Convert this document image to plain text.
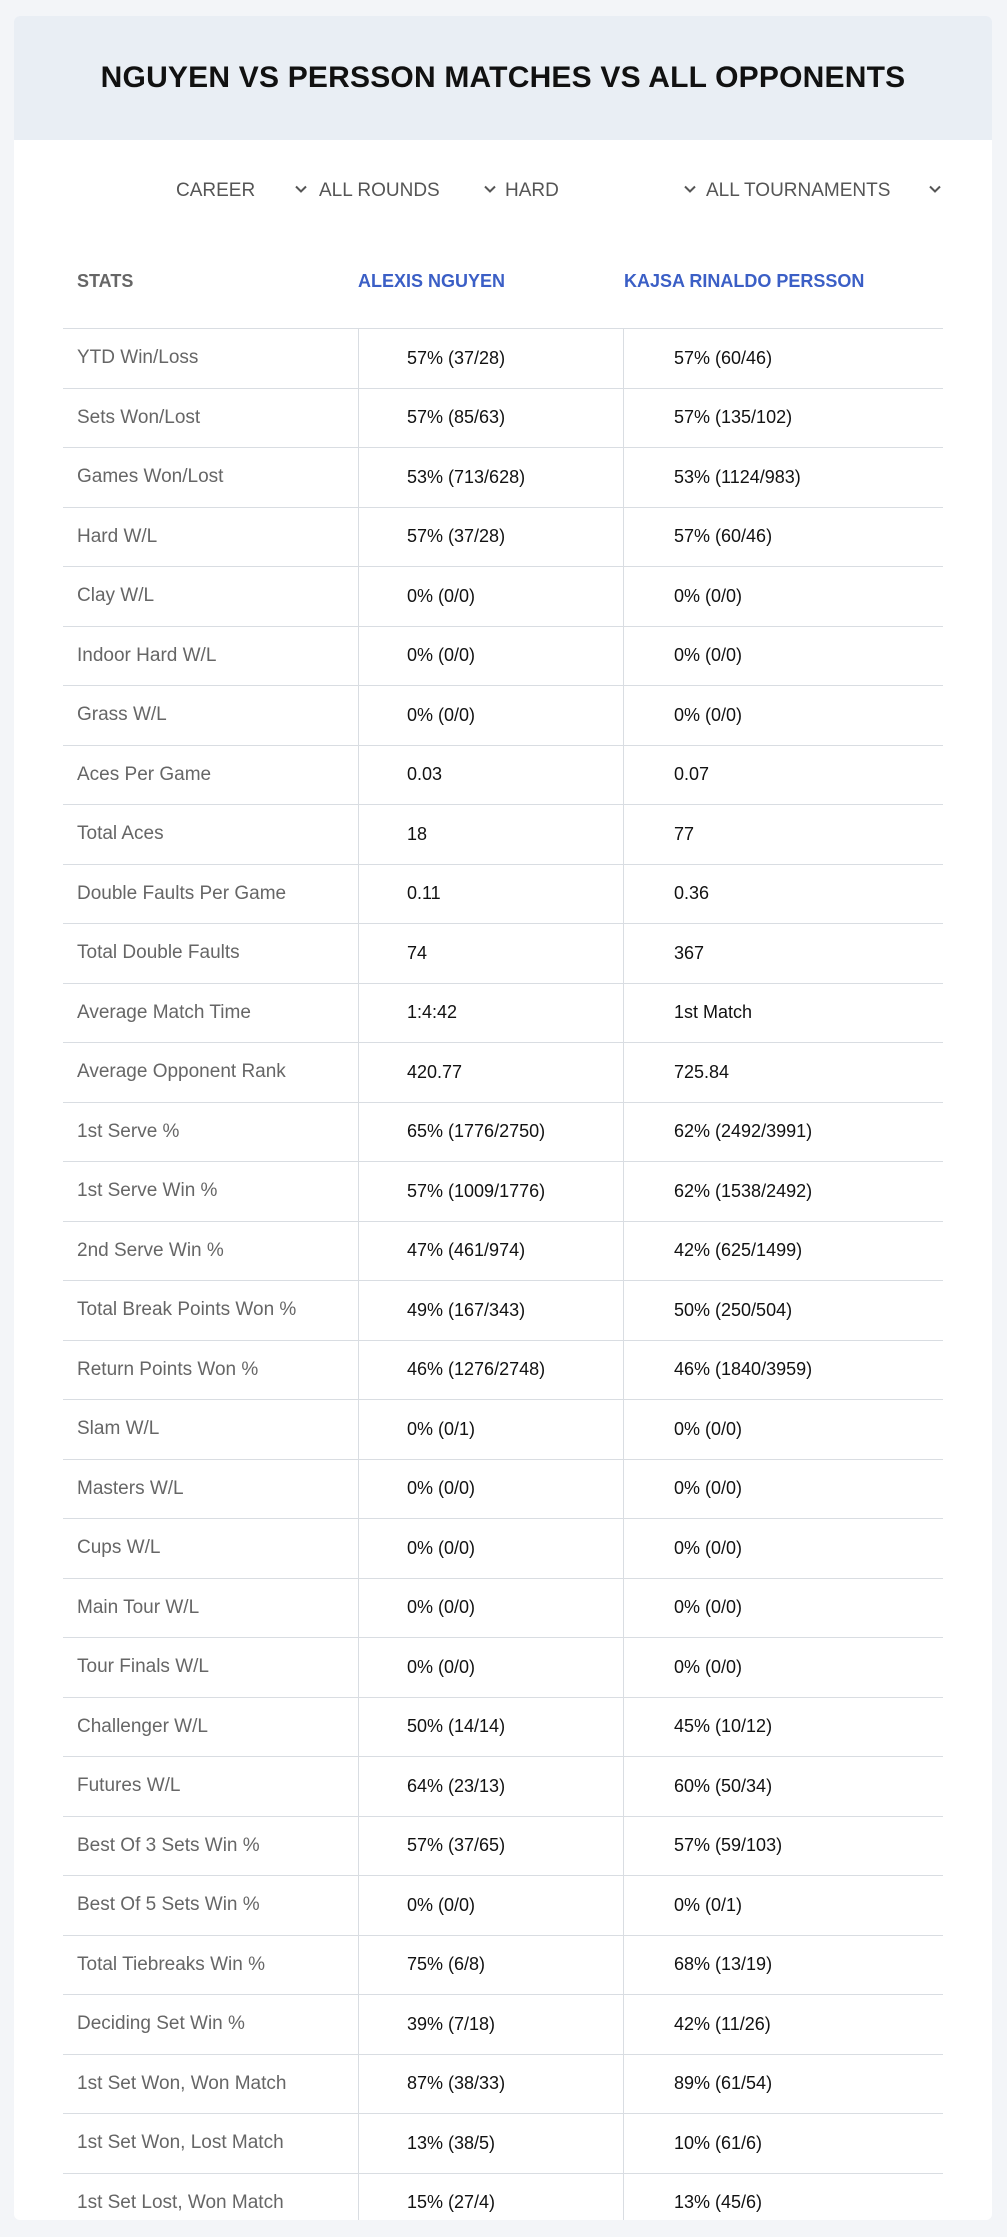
NGUYEN VS PERSSON MATCHES VS ALL OPPONENTS
CAREER	ALL ROUNDS	HARD	ALL TOURNAMENTS
STATS	ALEXIS NGUYEN	KAJSA RINALDO PERSSON
YTD Win/Loss	57% (37/28)	57% (60/46)
Sets Won/Lost	57% (85/63)	57% (135/102)
Games Won/Lost	53% (713/628)	53% (1124/983)
Hard W/L	57% (37/28)	57% (60/46)
Clay W/L	0% (0/0)	0% (0/0)
Indoor Hard W/L	0% (0/0)	0% (0/0)
Grass W/L	0% (0/0)	0% (0/0)
Aces Per Game	0.03	0.07
Total Aces	18	77
Double Faults Per Game	0.11	0.36
Total Double Faults	74	367
Average Match Time	1:4:42	1st Match
Average Opponent Rank	420.77	725.84
1st Serve %	65% (1776/2750)	62% (2492/3991)
1st Serve Win %	57% (1009/1776)	62% (1538/2492)
2nd Serve Win %	47% (461/974)	42% (625/1499)
Total Break Points Won %	49% (167/343)	50% (250/504)
Return Points Won %	46% (1276/2748)	46% (1840/3959)
Slam W/L	0% (0/1)	0% (0/0)
Masters W/L	0% (0/0)	0% (0/0)
Cups W/L	0% (0/0)	0% (0/0)
Main Tour W/L	0% (0/0)	0% (0/0)
Tour Finals W/L	0% (0/0)	0% (0/0)
Challenger W/L	50% (14/14)	45% (10/12)
Futures W/L	64% (23/13)	60% (50/34)
Best Of 3 Sets Win %	57% (37/65)	57% (59/103)
Best Of 5 Sets Win %	0% (0/0)	0% (0/1)
Total Tiebreaks Win %	75% (6/8)	68% (13/19)
Deciding Set Win %	39% (7/18)	42% (11/26)
1st Set Won, Won Match	87% (38/33)	89% (61/54)
1st Set Won, Lost Match	13% (38/5)	10% (61/6)
1st Set Lost, Won Match	15% (27/4)	13% (45/6)
